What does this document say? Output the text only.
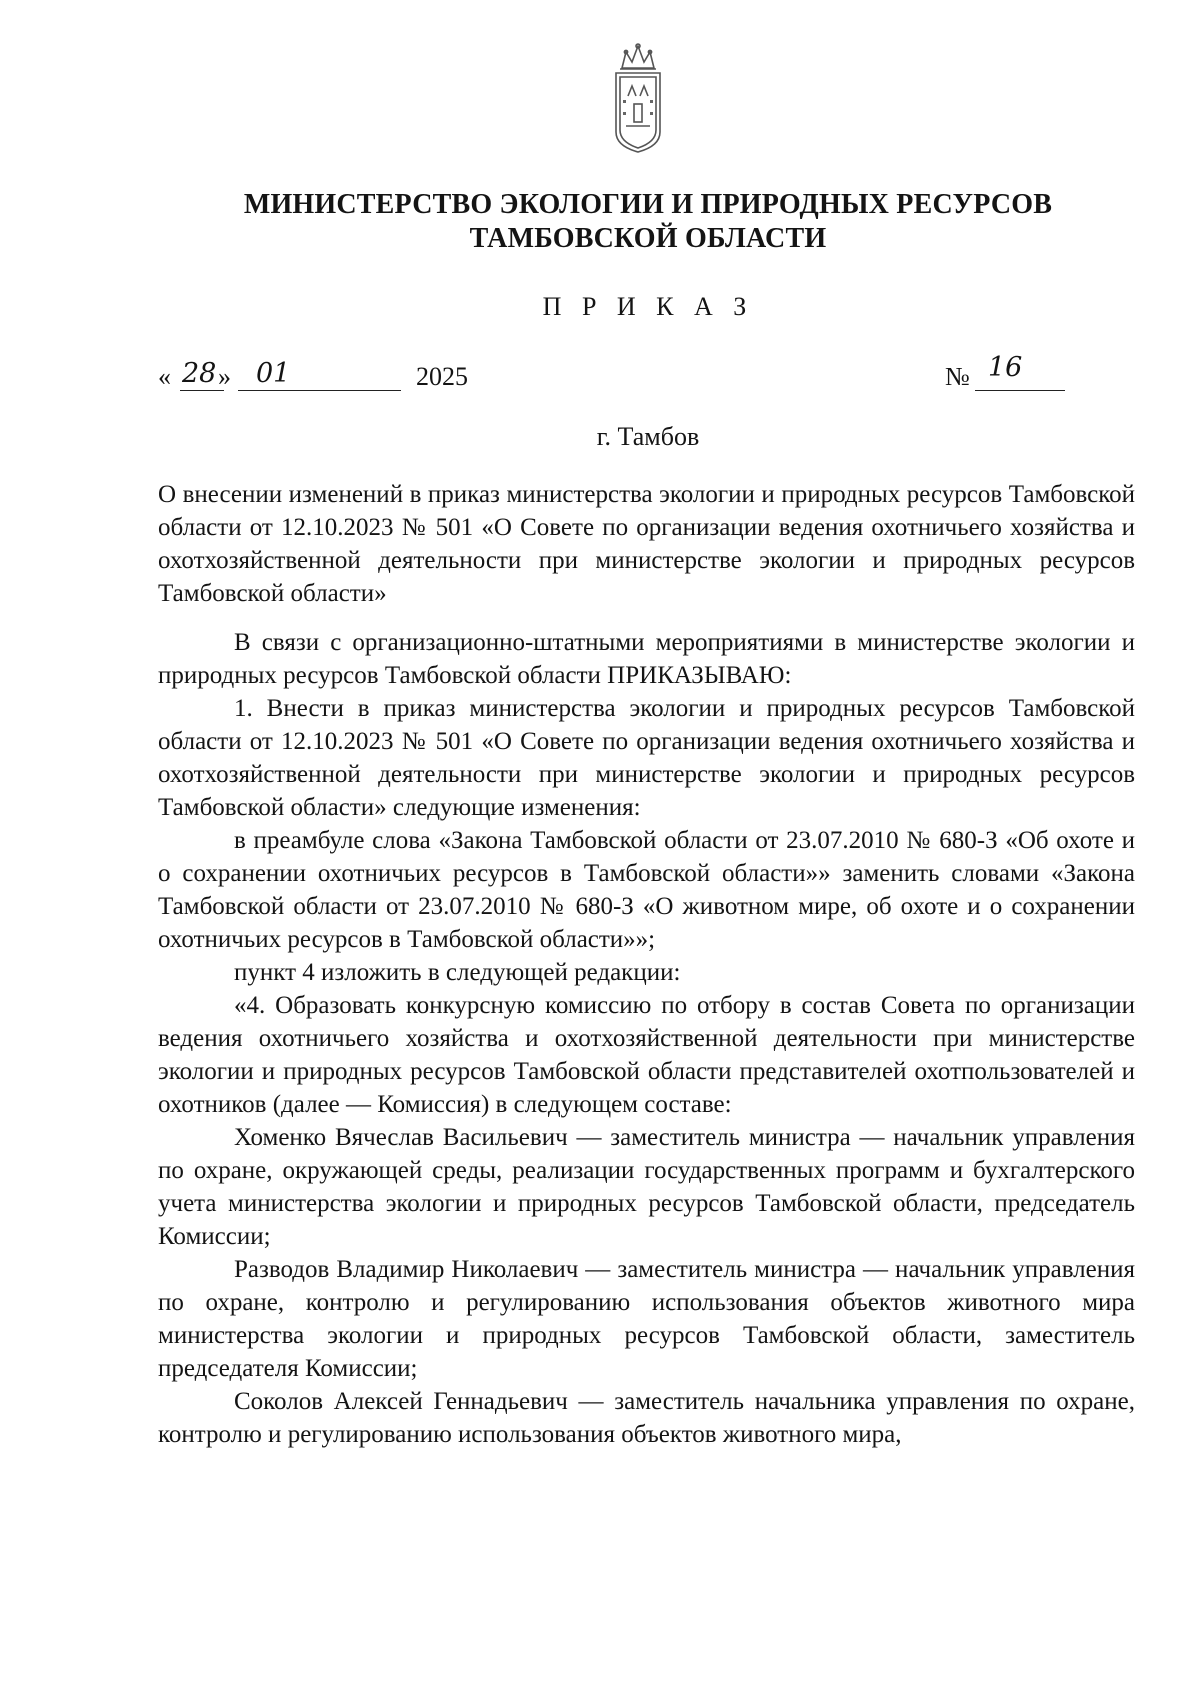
МИНИСТЕРСТВО ЭКОЛОГИИ И ПРИРОДНЫХ РЕСУРСОВ
ТАМБОВСКОЙ ОБЛАСТИ
П Р И К А З
« 28 » 01	2025	№ 16
г. Тамбов

О внесении изменений в приказ министерства экологии и природных ресурсов Тамбовской области от 12.10.2023 № 501 «О Совете по организации ведения охотничьего хозяйства и охотхозяйственной деятельности при министерстве экологии и природных ресурсов Тамбовской области»

В связи с организационно-штатными мероприятиями в министерстве экологии и природных ресурсов Тамбовской области ПРИКАЗЫВАЮ:

1. Внести в приказ министерства экологии и природных ресурсов Тамбовской области от 12.10.2023 № 501 «О Совете по организации ведения охотничьего хозяйства и охотхозяйственной деятельности при министерстве экологии и природных ресурсов Тамбовской области» следующие изменения:

в преамбуле слова «Закона Тамбовской области от 23.07.2010 № 680-З «Об охоте и о сохранении охотничьих ресурсов в Тамбовской области»» заменить словами «Закона Тамбовской области от 23.07.2010 № 680-З «О животном мире, об охоте и о сохранении охотничьих ресурсов в Тамбовской области»»;

пункт 4 изложить в следующей редакции:

«4. Образовать конкурсную комиссию по отбору в состав Совета по организации ведения охотничьего хозяйства и охотхозяйственной деятельности при министерстве экологии и природных ресурсов Тамбовской области представителей охотпользователей и охотников (далее — Комиссия) в следующем составе:

Хоменко Вячеслав Васильевич — заместитель министра — начальник управления по охране, окружающей среды, реализации государственных программ и бухгалтерского учета министерства экологии и природных ресурсов Тамбовской области, председатель Комиссии;

Разводов Владимир Николаевич — заместитель министра — начальник управления по охране, контролю и регулированию использования объектов животного мира министерства экологии и природных ресурсов Тамбовской области, заместитель председателя Комиссии;

Соколов Алексей Геннадьевич — заместитель начальника управления по охране, контролю и регулированию использования объектов животного мира,
